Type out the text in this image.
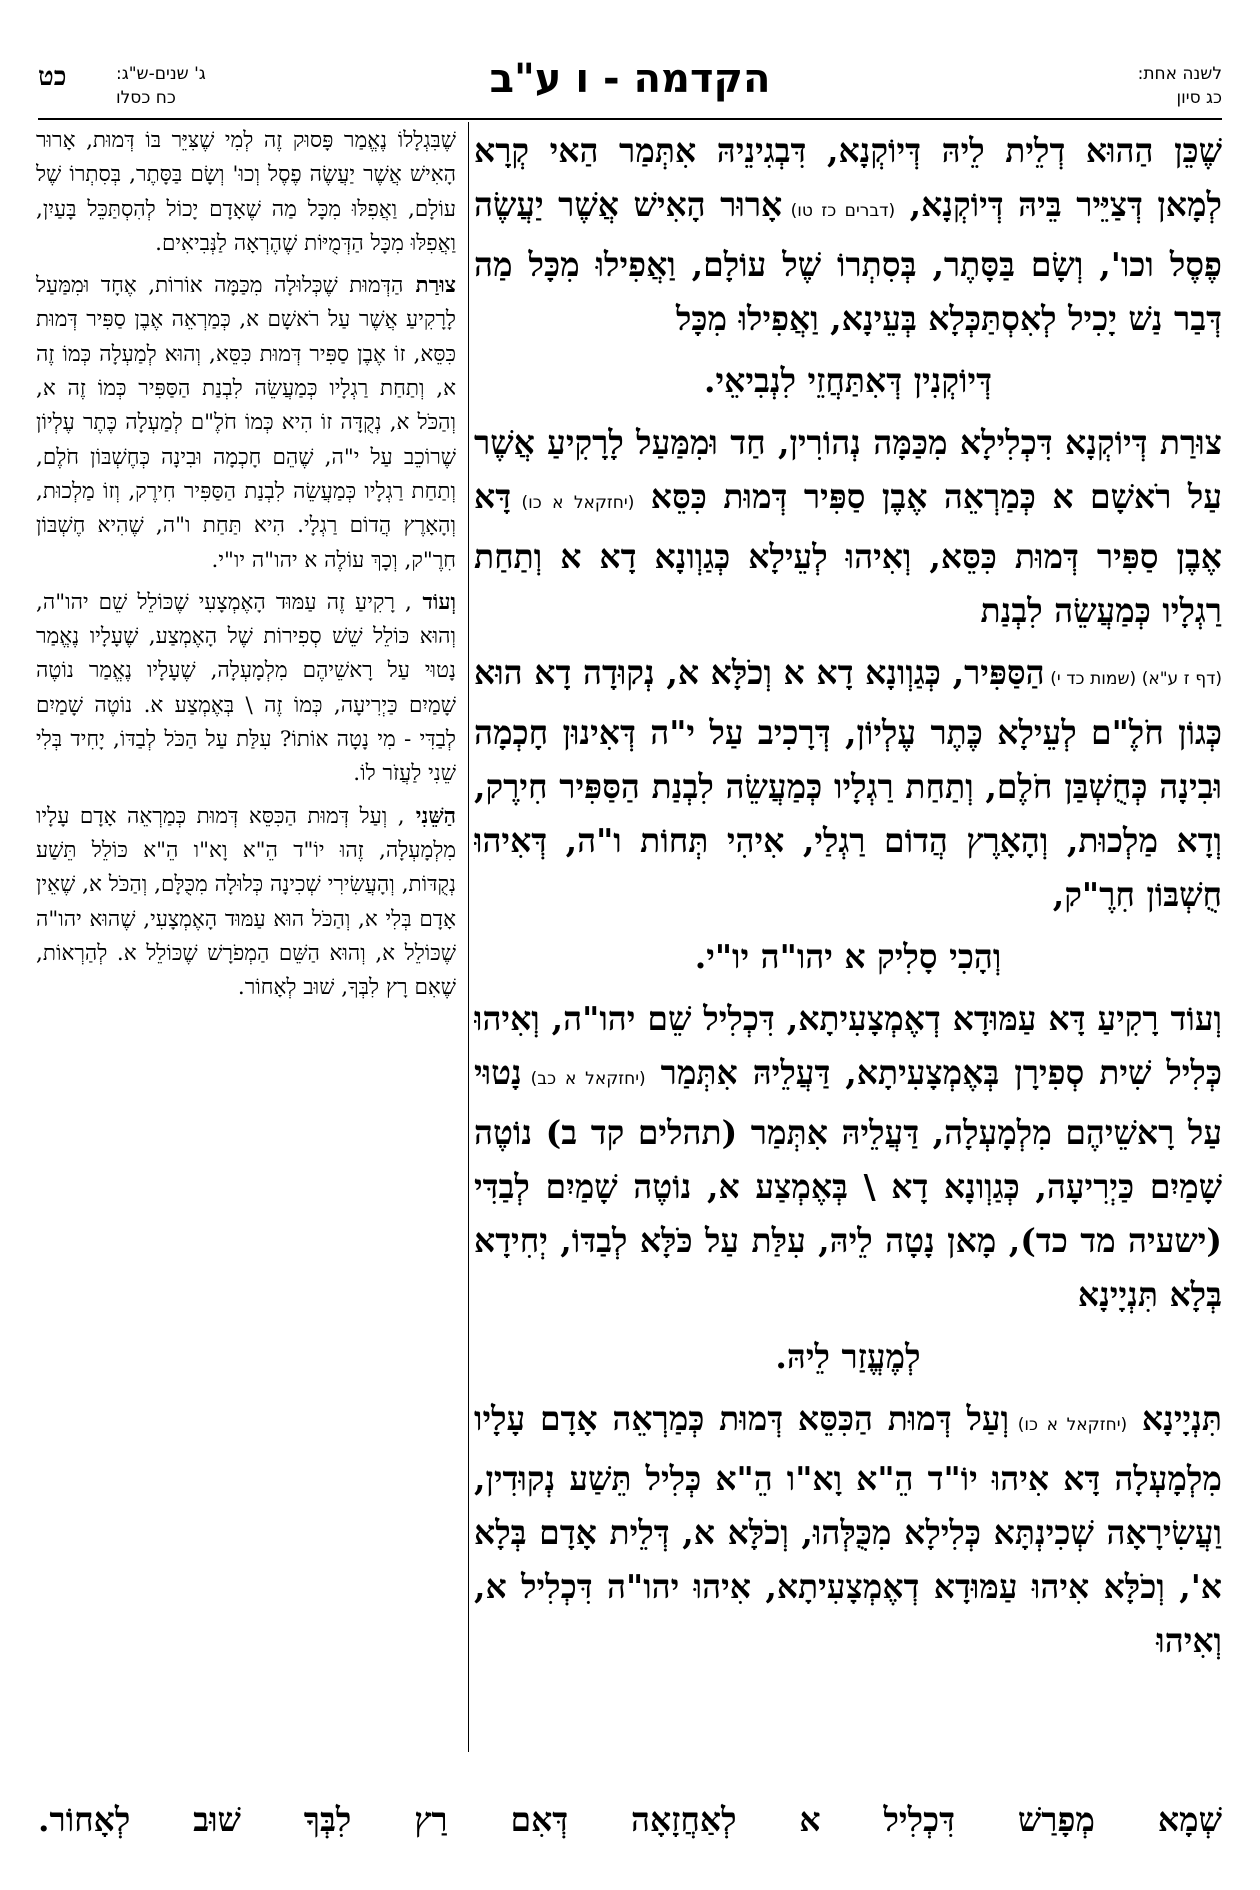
לשנה אחת:
כג סיון
הקדמה - ו ע"ב
ג' שנים-ש"ג:
כח כסלו
כט

שֶׁכֵּן הַהוּא דְלֵית לֵיהּ דְּיוֹקְנָא, דִּבְגִינֵיהּ אִתְּמַר הַאי קְרָא לְמָאן דְּצַיֵּיר בֵּיהּ דְּיוֹקְנָא, (דברים כז טו) אָרוּר הָאִישׁ אֲשֶׁר יַעֲשֶׂה פֶסֶל וכו', וְשָׂם בַּסָּתֶר, בְּסִתְרוֹ שֶׁל עוֹלָם, וַאֲפִילוּ מִכָּל מַה דְּבַר נַשׁ יָכִיל לְאִסְתַּכְּלָא בְּעֵינָא, וַאֲפִילוּ מִכָּל

דְּיוֹקְנִין דְּאִתַּחֲזֵי לִנְבִיאֵי.

צוּרַת דְּיוֹקְנָא דִּכְלִילָא מִכַּמָּה נְהוֹרִין, חַד וּמִמַּעַל לָרָקִיעַ אֲשֶׁר עַל רֹאשָׁם א כְּמַרְאֵה אֶבֶן סַפִּיר דְּמוּת כִּסֵּא (יחזקאל א כו) דָּא אֶבֶן סַפִּיר דְּמוּת כִּסֵּא, וְאִיהוּ לְעֵילָא כְּגַוְונָא דָא א וְתַחַת רַגְלָיו כְּמַעֲשֵׂה לִבְנַת

(דף ז ע"א) (שמות כד י) הַסַּפִּיר, כְּגַוְונָא דָא א וְכֹלָּא א, נְקוּדָה דָא הוּא כְּגוֹן חֹלֶ"ם לְעֵילָא כֶּתֶר עֶלְיוֹן, דְּרָכִיב עַל י"ה דְּאִינוּן חָכְמָה וּבִינָה כְּחֻשְׁבַּן חֹלֶם, וְתַחַת רַגְלָיו כְּמַעֲשֵׂה לִבְנַת הַסַּפִּיר חִירֶק, וְדָא מַלְכוּת, וְהָאָרֶץ הֲדוֹם רַגְלַי, אִיהִי תְּחוֹת ו"ה, דְּאִיהוּ חֻשְׁבּוֹן חִרֶ"ק,

וְהָכִי סָלִיק א יהו"ה יו"י.

וְעוֹד רָקִיעַ דָּא עַמּוּדָא דְאֶמְצָעִיתָא, דִּכְלִיל שֵׁם יהו"ה, וְאִיהוּ כְּלִיל שִׁית סְפִירָן בְּאֶמְצָעִיתָא, דַּעֲלֵיהּ אִתְּמַר (יחזקאל א כב) נָטוּי עַל רָאשֵׁיהֶם מִלְמָעְלָה, דַּעֲלֵיהּ אִתְּמַר (תהלים קד ב) נוֹטֶה שָׁמַיִם כַּיְרִיעָה, כְּגַוְונָא דָא \ בְּאֶמְצַע א, נוֹטֶה שָׁמַיִם לְבַדִּי (ישעיה מד כד), מָאן נָטָה לֵיהּ, עִלַּת עַל כֹּלָּא לְבַדּוֹ, יְחִידָא בְּלָא תִּנְיָינָא

לְמֶעֱזַר לֵיהּ.

תִּנְיָינָא (יחזקאל א כו) וְעַל דְּמוּת הַכִּסֵּא דְּמוּת כְּמַרְאֵה אָדָם עָלָיו מִלְמָעְלָה דָּא אִיהוּ יוֹ"ד הֵ"א וָא"ו הֵ"א כְּלִיל תֵּשַׁע נְקוּדִין, וַעֲשִׂירָאָה שְׁכִינְתָּא כְּלִילָא מִכֻּלְּהוּ, וְכֹלָּא א, דְּלֵית אָדָם בְּלָא א', וְכֹלָּא אִיהוּ עַמּוּדָא דְאֶמְצָעִיתָא, אִיהוּ יהו"ה דִּכְלִיל א, וְאִיהוּ

שֶׁבִּגְלָלוֹ נֶאֱמַר פָּסוּק זֶה לְמִי שֶׁצִּיֵּר בּוֹ דְּמוּת, אָרוּר הָאִישׁ אֲשֶׁר יַעֲשֶׂה פֶסֶל וְכוּ' וְשָׂם בַּסָּתֶר, בְּסִתְרוֹ שֶׁל עוֹלָם, וַאֲפִלּוּ מִכָּל מַה שֶׁאָדָם יָכוֹל לְהִסְתַּכֵּל בָּעַיִן, וַאֲפִלּוּ מִכָּל הַדְּמֻיּוֹת שֶׁהֶרְאָה לַנְּבִיאִים.

צוּרַת הַדְּמוּת שֶׁכְּלוּלָה מִכַּמָּה אוֹרוֹת, אֶחָד וּמִמַּעַל לָרָקִיעַ אֲשֶׁר עַל רֹאשָׁם א, כְּמַרְאֵה אֶבֶן סַפִּיר דְּמוּת כִּסֵּא, זוֹ אֶבֶן סַפִּיר דְּמוּת כִּסֵּא, וְהוּא לְמַעְלָה כְּמוֹ זֶה א, וְתַחַת רַגְלָיו כְּמַעֲשֵׂה לִבְנַת הַסַּפִּיר כְּמוֹ זֶה א, וְהַכֹּל א, נְקֻדָּה זוֹ הִיא כְּמוֹ חֹלֶ"ם לְמַעְלָה כֶּתֶר עֶלְיוֹן שֶׁרוֹכֵב עַל י"ה, שֶׁהֵם חָכְמָה וּבִינָה כְּחֶשְׁבּוֹן חֹלֶם, וְתַחַת רַגְלָיו כְּמַעֲשֵׂה לִבְנַת הַסַּפִּיר חִירֶק, וְזוֹ מַלְכוּת, וְהָאָרֶץ הֲדוֹם רַגְלָי. הִיא תַּחַת ו"ה, שֶׁהִיא חֶשְׁבּוֹן חִרֶ"ק, וְכָךְ עוֹלֶה א יהו"ה יו"י.

וְעוֹד , רָקִיעַ זֶה עַמּוּד הָאֶמְצָעִי שֶׁכּוֹלֵל שֵׁם יהו"ה, וְהוּא כּוֹלֵל שֵׁשׁ סְפִירוֹת שֶׁל הָאֶמְצַע, שֶׁעָלָיו נֶאֱמַר נָטוּי עַל רָאשֵׁיהֶם מִלְמָעְלָה, שֶׁעָלָיו נֶאֱמַר נוֹטֶה שָׁמַיִם כַּיְרִיעָה, כְּמוֹ זֶה \ בְּאֶמְצַע א. נוֹטֶה שָׁמַיִם לְבַדִּי - מִי נָטָה אוֹתוֹ? עִלַּת עַל הַכֹּל לְבַדּוֹ, יָחִיד בְּלִי שֵׁנִי לַעֲזֹר לוֹ.

הַשֵּׁנִי , וְעַל דְּמוּת הַכִּסֵּא דְּמוּת כְּמַרְאֵה אָדָם עָלָיו מִלְמָעְלָה, זֶהוּ יוֹ"ד הֵ"א וָא"ו הֵ"א כּוֹלֵל תֵּשַׁע נְקֻדּוֹת, וְהָעֲשִׂירִי שְׁכִינָה כְּלוּלָה מִכֻּלָּם, וְהַכֹּל א, שֶׁאֵין אָדָם בְּלִי א, וְהַכֹּל הוּא עַמּוּד הָאֶמְצָעִי, שֶׁהוּא יהו"ה שֶׁכּוֹלֵל א, וְהוּא הַשֵּׁם הַמְפֹרָשׁ שֶׁכּוֹלֵל א. לְהַרְאוֹת, שֶׁאִם רָץ לִבְּךָ, שׁוּב לְאָחוֹר.

שְׁמָא מְפָרַשׁ דִּכְלִיל א לְאַחֲזָאָה דְּאִם רַץ לִבְּךָ שׁוּב לְאָחוֹר.
